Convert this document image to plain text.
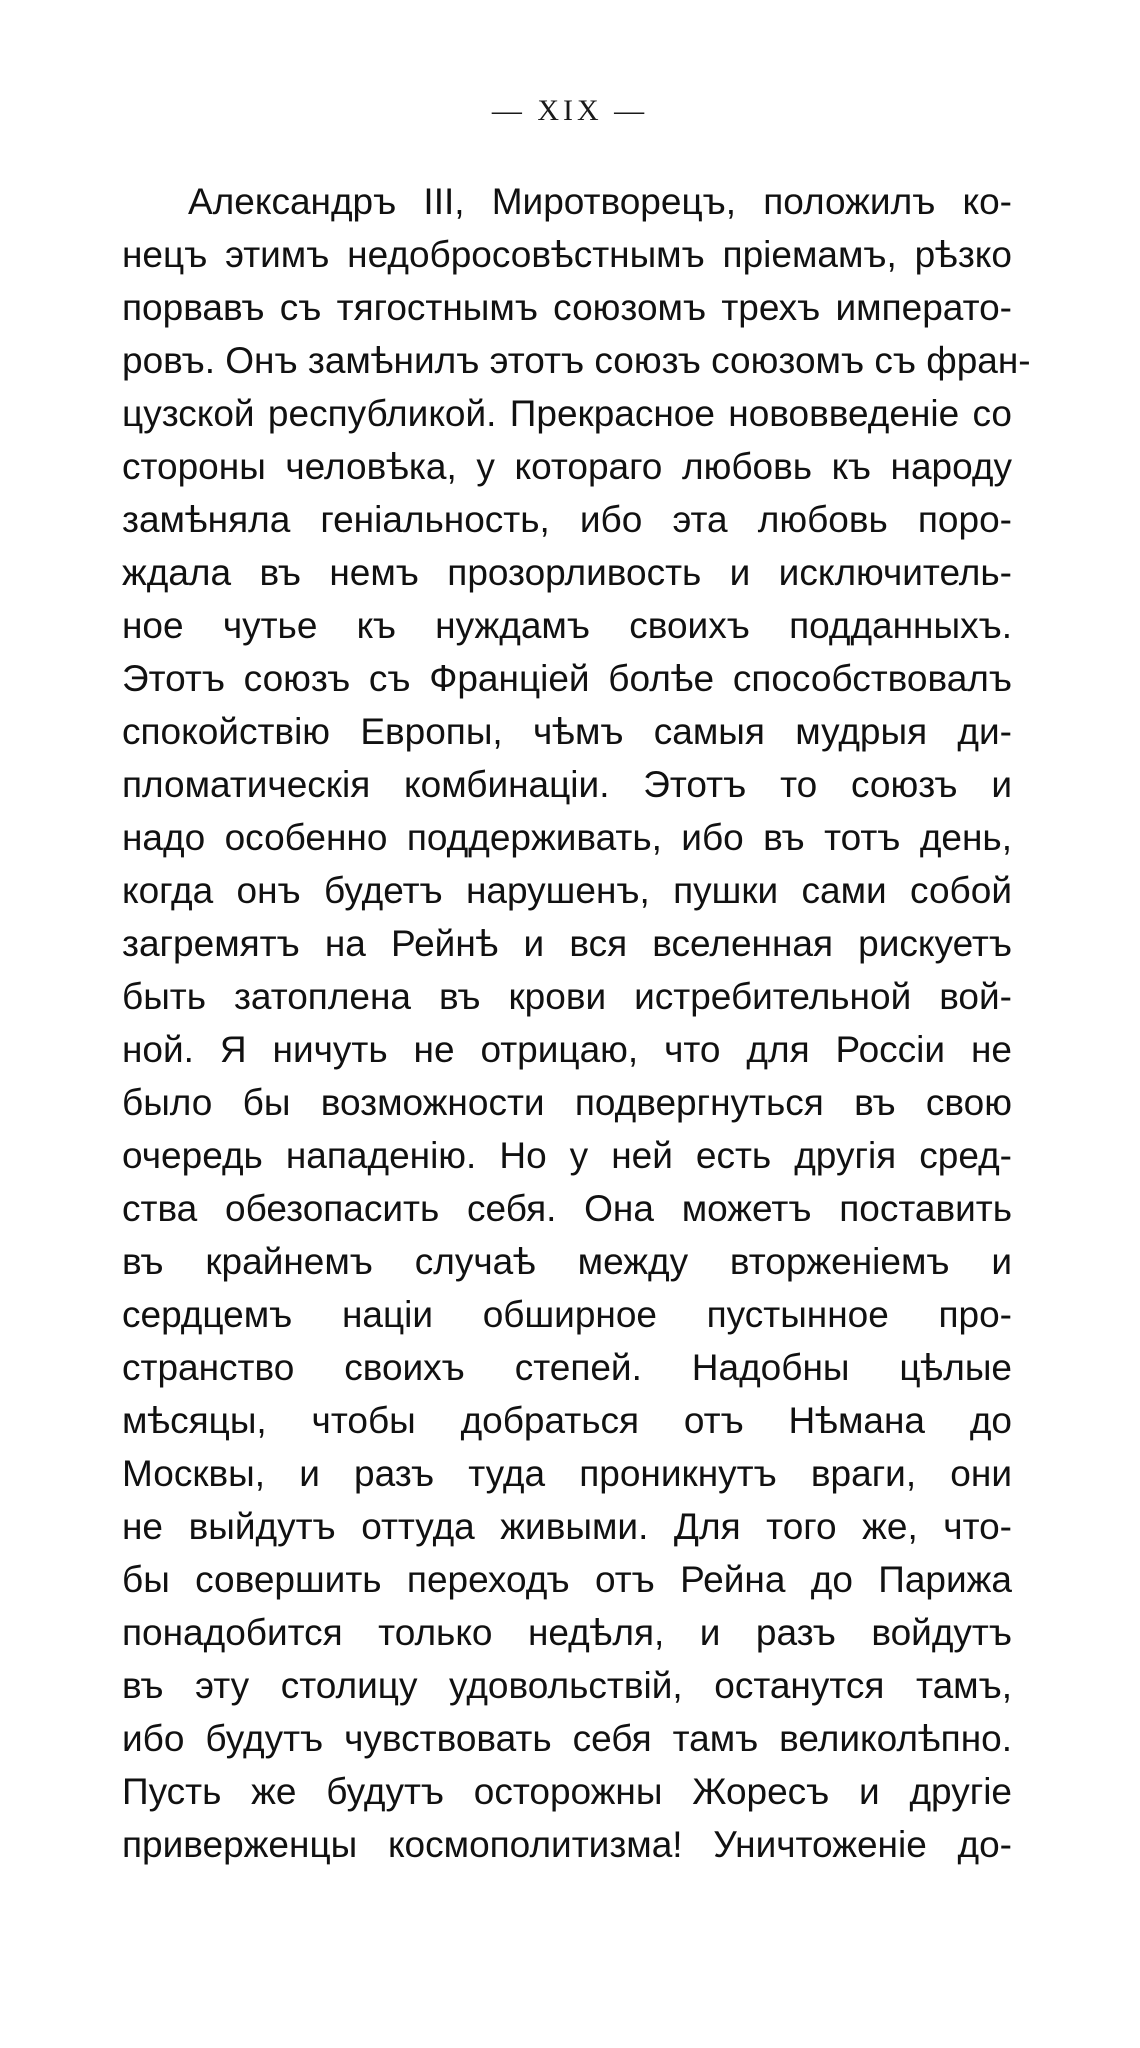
— XIX —
Александръ III, Миротворецъ, положилъ ко-
нецъ этимъ недобросовѣстнымъ пріемамъ, рѣзко
порвавъ съ тягостнымъ союзомъ трехъ императо-
ровъ. Онъ замѣнилъ этотъ союзъ союзомъ съ фран-
цузской республикой. Прекрасное нововведеніе со
стороны человѣка, у котораго любовь къ народу
замѣняла геніальность, ибо эта любовь поро-
ждала въ немъ прозорливость и исключитель-
ное чутье къ нуждамъ своихъ подданныхъ.
Этотъ союзъ съ Франціей болѣе способствовалъ
спокойствію Европы, чѣмъ самыя мудрыя ди-
пломатическія комбинаціи. Этотъ то союзъ и
надо особенно поддерживать, ибо въ тотъ день,
когда онъ будетъ нарушенъ, пушки сами собой
загремятъ на Рейнѣ и вся вселенная рискуетъ
быть затоплена въ крови истребительной вой-
ной. Я ничуть не отрицаю, что для Россіи не
было бы возможности подвергнуться въ свою
очередь нападенію. Но у ней есть другія сред-
ства обезопасить себя. Она можетъ поставить
въ крайнемъ случаѣ между вторженіемъ и
сердцемъ націи обширное пустынное про-
странство своихъ степей. Надобны цѣлые
мѣсяцы, чтобы добраться отъ Нѣмана до
Москвы, и разъ туда проникнутъ враги, они
не выйдутъ оттуда живыми. Для того же, что-
бы совершить переходъ отъ Рейна до Парижа
понадобится только недѣля, и разъ войдутъ
въ эту столицу удовольствій, останутся тамъ,
ибо будутъ чувствовать себя тамъ великолѣпно.
Пусть же будутъ осторожны Жоресъ и другіе
приверженцы космополитизма! Уничтоженіе до-
